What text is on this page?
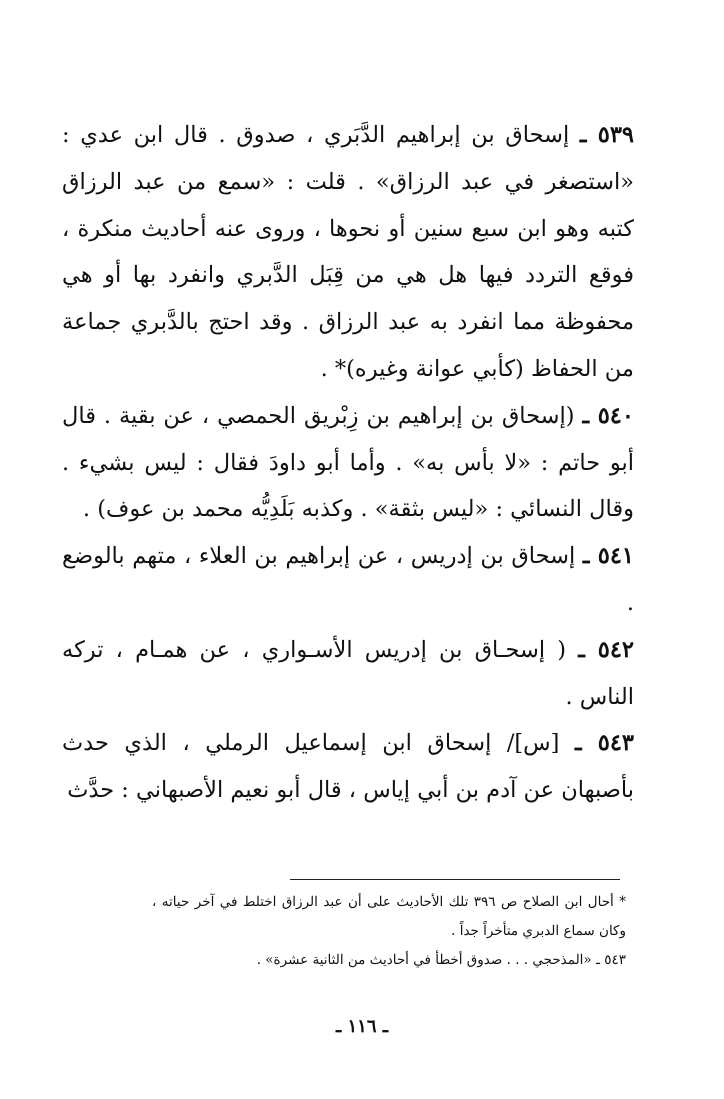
٥٣٩ ـ إسحاق بن إبراهيم الدَّبَري ، صدوق . قال ابن عدي : «استصغر في عبد الرزاق» . قلت : «سمع من عبد الرزاق كتبه وهو ابن سبع سنين أو نحوها ، وروى عنه أحاديث منكرة ، فوقع التردد فيها هل هي من قِبَل الدَّبري وانفرد بها أو هي محفوظة مما انفرد به عبد الرزاق . وقد احتج بالدَّبري جماعة من الحفاظ (كأبي عوانة وغيره)* .

٥٤٠ ـ (إسحاق بن إبراهيم بن زِبْريق الحمصي ، عن بقية . قال أبو حاتم : «لا بأس به» . وأما أبو داودَ فقال : ليس بشيء . وقال النسائي : «ليس بثقة» . وكذبه بَلَدِيُّه محمد بن عوف) .

٥٤١ ـ إسحاق بن إدريس ، عن إبراهيم بن العلاء ، متهم بالوضع .

٥٤٢ ـ ( إسحـاق بن إدريس الأسـواري ، عن همـام ، تركه الناس .

٥٤٣ ـ [س]/ إسحاق ابن إسماعيل الرملي ، الذي حدث بأصبهان عن آدم بن أبي إياس ، قال أبو نعيم الأصبهاني : حدَّث

* أحال ابن الصلاح ص ٣٩٦ تلك الأحاديث على أن عبد الرزاق اختلط في آخر حياته ، وكان سماع الدبري متأخراً جداً .

٥٤٣ ـ «المذحجي . . . صدوق أخطأ في أحاديث من الثانية عشرة» .

ـ ١١٦ ـ
